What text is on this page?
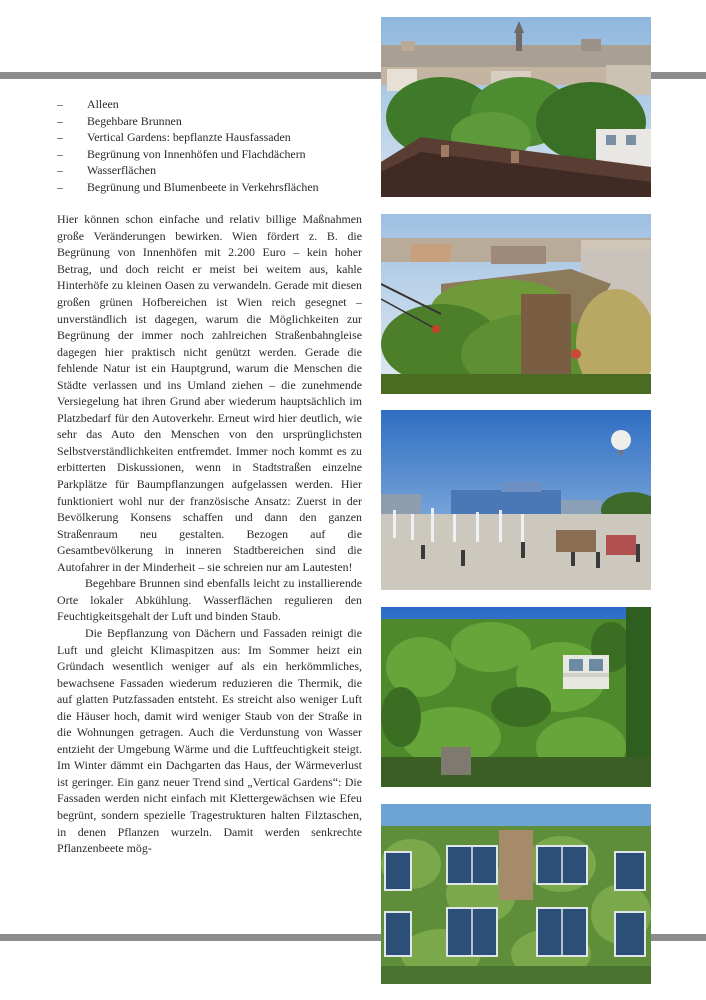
– Alleen
– Begehbare Brunnen
– Vertical Gardens: bepflanzte Hausfassaden
– Begrünung von Innenhöfen und Flachdächern
– Wasserflächen
– Begrünung und Blumenbeete in Verkehrsflächen

Hier können schon einfache und relativ billige Maßnahmen große Veränderungen bewirken. Wien fördert z. B. die Begrünung von Innenhöfen mit 2.200 Euro – kein hoher Betrag, und doch reicht er meist bei weitem aus, kahle Hinterhöfe zu kleinen Oasen zu verwandeln. Gerade mit diesen großen grünen Hofbereichen ist Wien reich gesegnet – unverständlich ist dagegen, warum die Möglichkeiten zur Begrünung der immer noch zahlreichen Straßenbahngleise dagegen hier praktisch nicht genützt werden. Gerade die fehlende Natur ist ein Hauptgrund, warum die Menschen die Städte verlassen und ins Umland ziehen – die zunehmende Versiegelung hat ihren Grund aber wiederum hauptsächlich im Platzbedarf für den Autoverkehr. Erneut wird hier deutlich, wie sehr das Auto den Menschen von den ursprünglichsten Selbstverständlichkeiten entfremdet. Immer noch kommt es zu erbitterten Diskussionen, wenn in Stadtstraßen einzelne Parkplätze für Baumpflanzungen aufgelassen werden. Hier funktioniert wohl nur der französische Ansatz: Zuerst in der Bevölkerung Konsens schaffen und dann den ganzen Straßenraum neu gestalten. Bezogen auf die Gesamtbevölkerung in inneren Stadtbereichen sind die Autofahrer in der Minderheit – sie schreien nur am Lautesten!

Begehbare Brunnen sind ebenfalls leicht zu installierende Orte lokaler Abkühlung. Wasserflächen regulieren den Feuchtigkeitsgehalt der Luft und binden Staub.

Die Bepflanzung von Dächern und Fassaden reinigt die Luft und gleicht Klimaspitzen aus: Im Sommer heizt ein Gründach wesentlich weniger auf als ein herkömmliches, bewachsene Fassaden wiederum reduzieren die Thermik, die auf glatten Putzfassaden entsteht. Es streicht also weniger Luft die Häuser hoch, damit wird weniger Staub von der Straße in die Wohnungen getragen. Auch die Verdunstung von Wasser entzieht der Umgebung Wärme und die Luftfeuchtigkeit steigt. Im Winter dämmt ein Dachgarten das Haus, der Wärmeverlust ist geringer. Ein ganz neuer Trend sind „Vertical Gardens“: Die Fassaden werden nicht einfach mit Klettergewächsen wie Efeu begrünt, sondern spezielle Tragestrukturen halten Filztaschen, in denen Pflanzen wurzeln. Damit werden senkrechte Pflanzenbeete mög-
